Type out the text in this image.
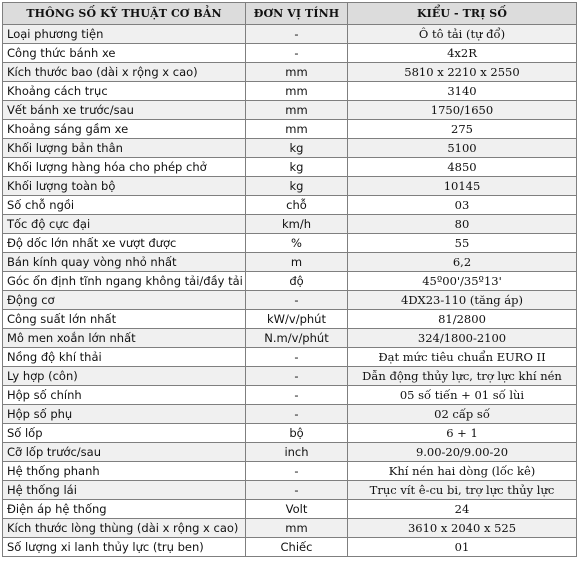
THÔNG SỐ KỸ THUẬT CƠ BẢN	ĐƠN VỊ TÍNH	KIỂU - TRỊ SỐ
Loại phương tiện	-	Ô tô tải (tự đổ)
Công thức bánh xe	-	4x2R
Kích thước bao (dài x rộng x cao)	mm	5810 x 2210 x 2550
Khoảng cách trục	mm	3140
Vết bánh xe trước/sau	mm	1750/1650
Khoảng sáng gầm xe	mm	275
Khối lượng bản thân	kg	5100
Khối lượng hàng hóa cho phép chở	kg	4850
Khối lượng toàn bộ	kg	10145
Số chỗ ngồi	chỗ	03
Tốc độ cực đại	km/h	80
Độ dốc lớn nhất xe vượt được	%	55
Bán kính quay vòng nhỏ nhất	m	6,2
Góc ổn định tĩnh ngang không tải/đầy tải	độ	45º00'/35º13'
Động cơ	-	4DX23-110 (tăng áp)
Công suất lớn nhất	kW/v/phút	81/2800
Mô men xoắn lớn nhất	N.m/v/phút	324/1800-2100
Nồng độ khí thải	-	Đạt mức tiêu chuẩn EURO II
Ly hợp (côn)	-	Dẫn động thủy lực, trợ lực khí nén
Hộp số chính	-	05 số tiến + 01 số lùi
Hộp số phụ	-	02 cấp số
Số lốp	bộ	6 + 1
Cỡ lốp trước/sau	inch	9.00-20/9.00-20
Hệ thống phanh	-	Khí nén hai dòng (lốc kê)
Hệ thống lái	-	Trục vít ê-cu bi, trợ lực thủy lực
Điện áp hệ thống	Volt	24
Kích thước lòng thùng (dài x rộng x cao)	mm	3610 x 2040 x 525
Số lượng xi lanh thủy lực (trụ ben)	Chiếc	01
